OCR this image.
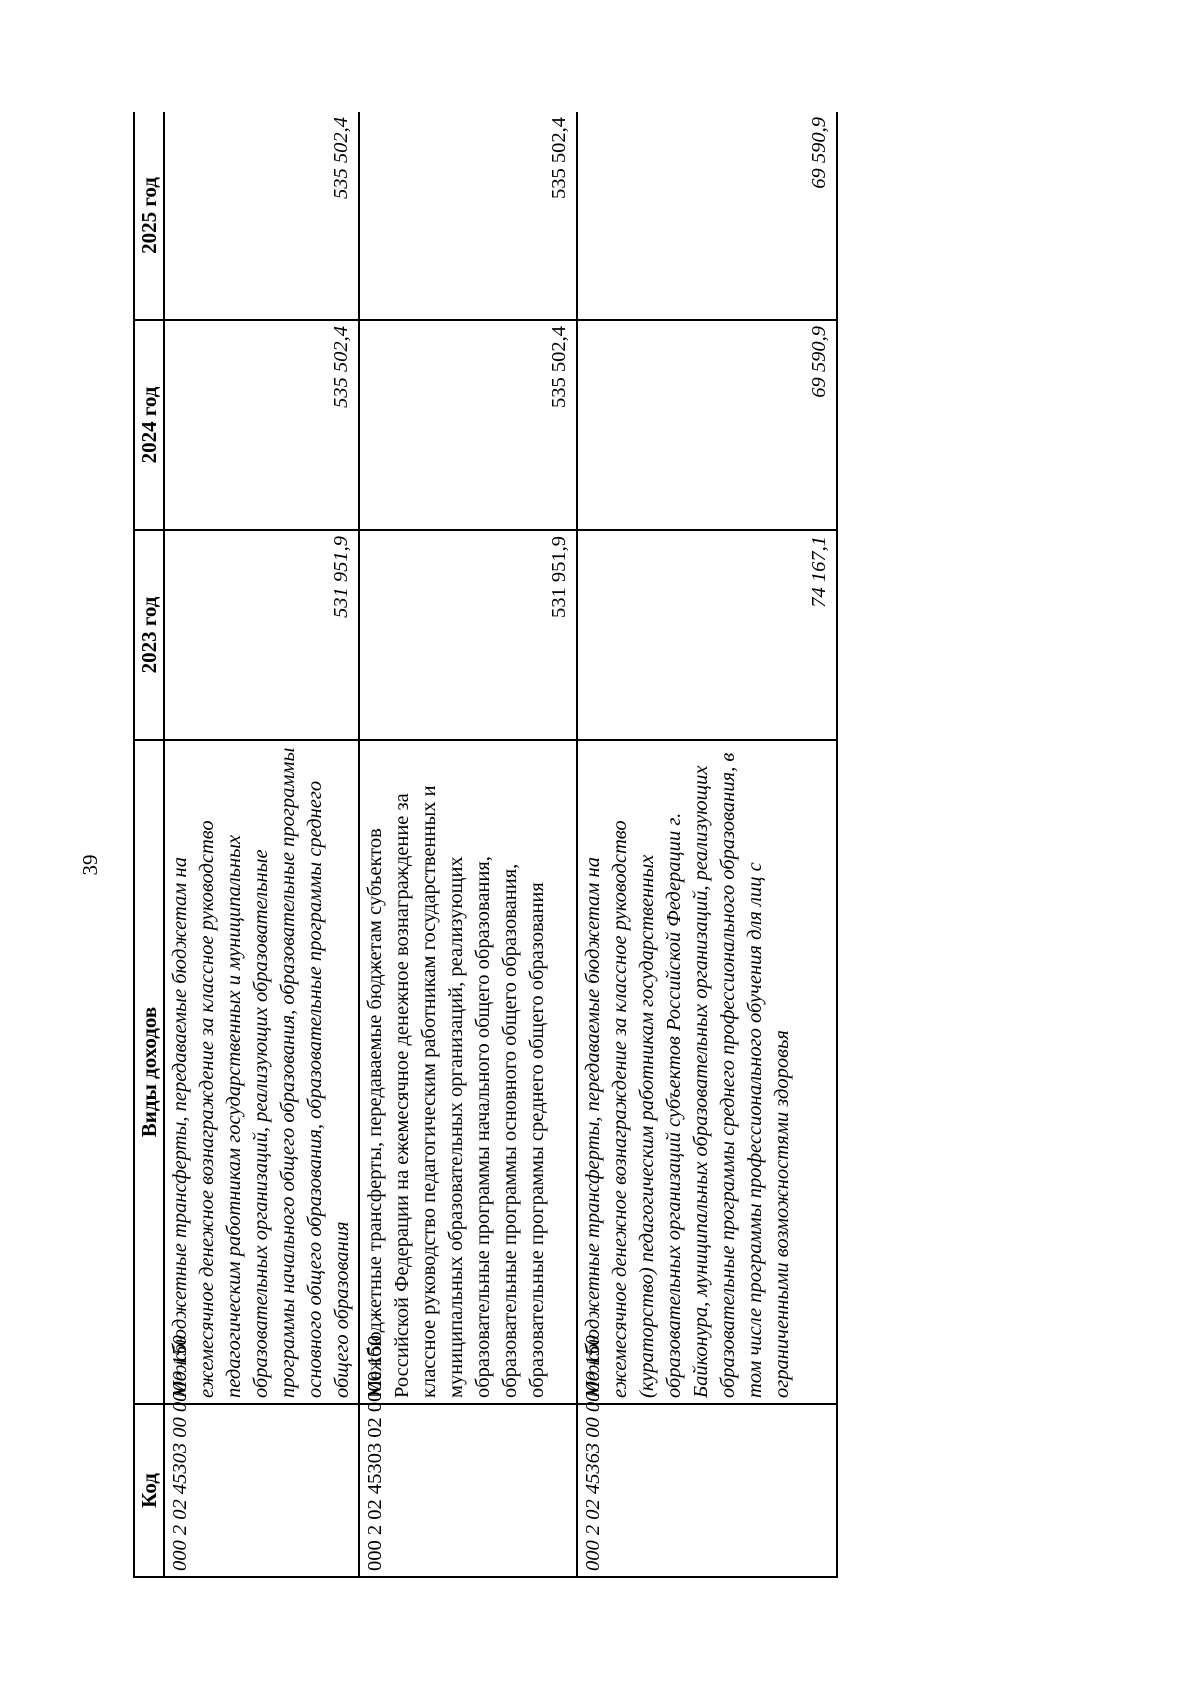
39
Код	Виды доходов	2023 год	2024 год	2025 год
000 2 02 45303 00 0000 150	Межбюджетные трансферты, передаваемые бюджетам на ежемесячное денежное вознаграждение за классное руководство педагогическим работникам государственных и муниципальных образовательных организаций, реализующих образовательные программы начального общего образования, образовательные программы основного общего образования, образовательные программы среднего общего образования	531 951,9	535 502,4	535 502,4
000 2 02 45303 02 0000 150	Межбюджетные трансферты, передаваемые бюджетам субъектов Российской Федерации на ежемесячное денежное вознаграждение за классное руководство педагогическим работникам государственных и муниципальных образовательных организаций, реализующих образовательные программы начального общего образования, образовательные программы основного общего образования, образовательные программы среднего общего образования	531 951,9	535 502,4	535 502,4
000 2 02 45363 00 0000 150	Межбюджетные трансферты, передаваемые бюджетам на ежемесячное денежное вознаграждение за классное руководство (кураторство) педагогическим работникам государственных образовательных организаций субъектов Российской Федерации г. Байконура, муниципальных образовательных организаций, реализующих образовательные программы среднего профессионального образования, в том числе программы профессионального обучения для лиц с ограниченными возможностями здоровья	74 167,1	69 590,9	69 590,9
